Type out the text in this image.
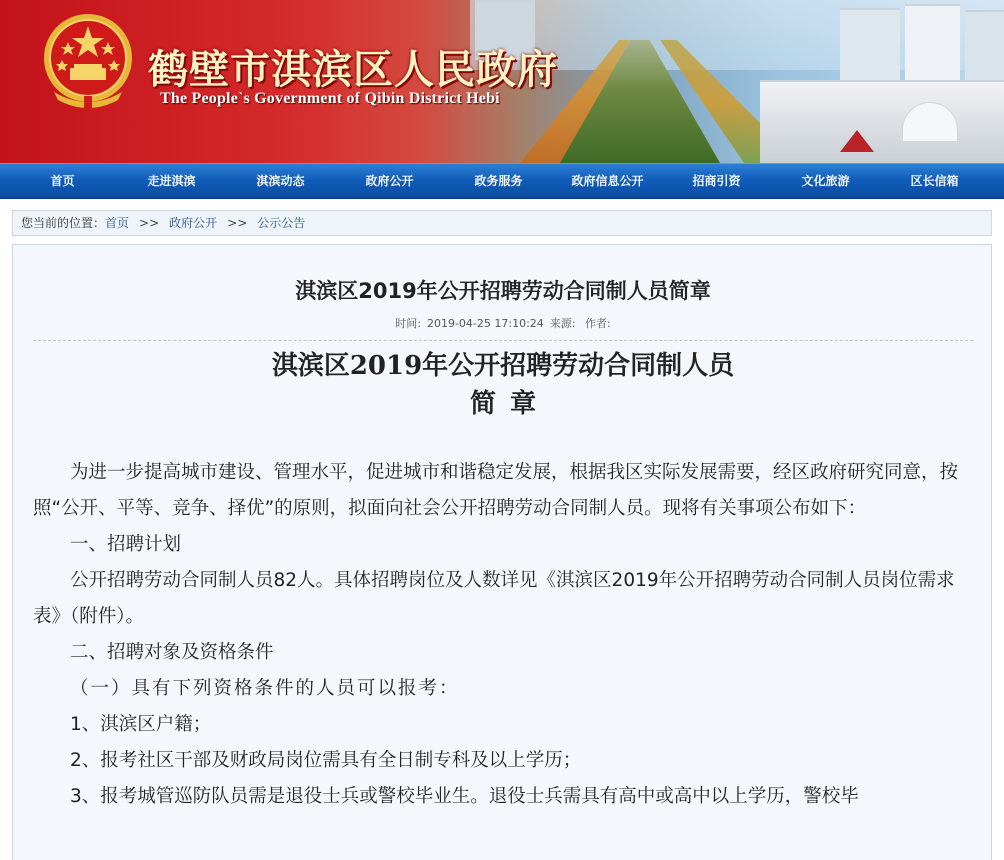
鹤壁市淇滨区人民政府
The People`s Government of Qibin District Hebi
首页	走进淇滨	淇滨动态	政府公开	政务服务	政府信息公开	招商引资	文化旅游	区长信箱
您当前的位置：首页 >> 政府公开 >> 公示公告
淇滨区2019年公开招聘劳动合同制人员简章
时间: 2019-04-25 17:10:24 来源: 作者:
淇滨区2019年公开招聘劳动合同制人员
简章

为进一步提高城市建设、管理水平，促进城市和谐稳定发展，根据我区实际发展需要，经区政府研究同意，按照“公开、平等、竞争、择优”的原则，拟面向社会公开招聘劳动合同制人员。现将有关事项公布如下：

一、招聘计划

公开招聘劳动合同制人员82人。具体招聘岗位及人数详见《淇滨区2019年公开招聘劳动合同制人员岗位需求表》（附件）。

二、招聘对象及资格条件

（一）具有下列资格条件的人员可以报考：

1、淇滨区户籍；

2、报考社区干部及财政局岗位需具有全日制专科及以上学历；

3、报考城管巡防队员需是退役士兵或警校毕业生。退役士兵需具有高中或高中以上学历，警校毕
